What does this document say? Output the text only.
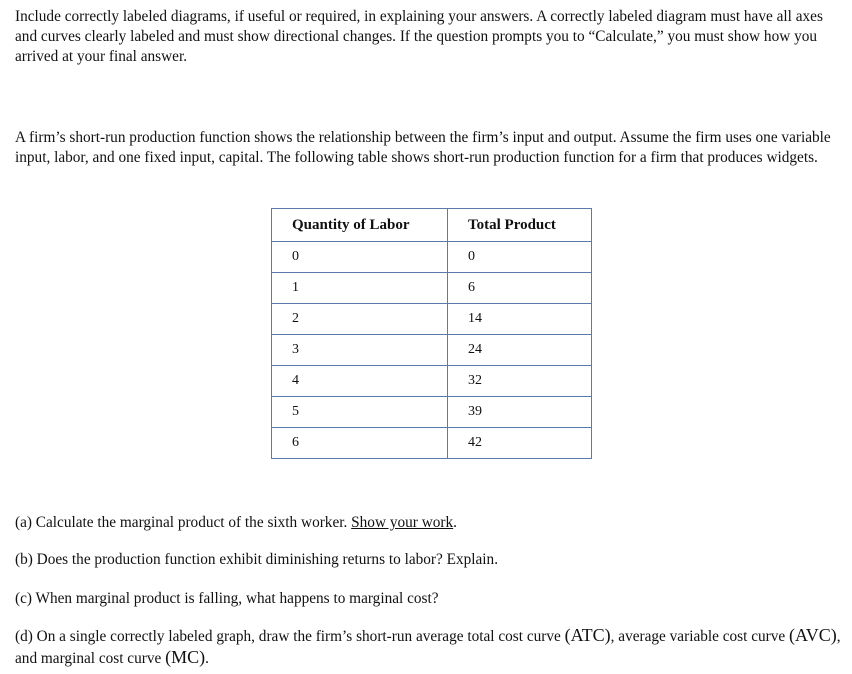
Include correctly labeled diagrams, if useful or required, in explaining your answers. A correctly labeled diagram must have all axes and curves clearly labeled and must show directional changes. If the question prompts you to “Calculate,” you must show how you arrived at your final answer.

A firm’s short-run production function shows the relationship between the firm’s input and output. Assume the firm uses one variable input, labor, and one fixed input, capital. The following table shows short-run production function for a firm that produces widgets.

Quantity of Labor	Total Product
0	0
1	6
2	14
3	24
4	32
5	39
6	42

(a) Calculate the marginal product of the sixth worker. Show your work.

(b) Does the production function exhibit diminishing returns to labor? Explain.

(c) When marginal product is falling, what happens to marginal cost?

(d) On a single correctly labeled graph, draw the firm’s short-run average total cost curve (ATC), average variable cost curve (AVC), and marginal cost curve (MC).
